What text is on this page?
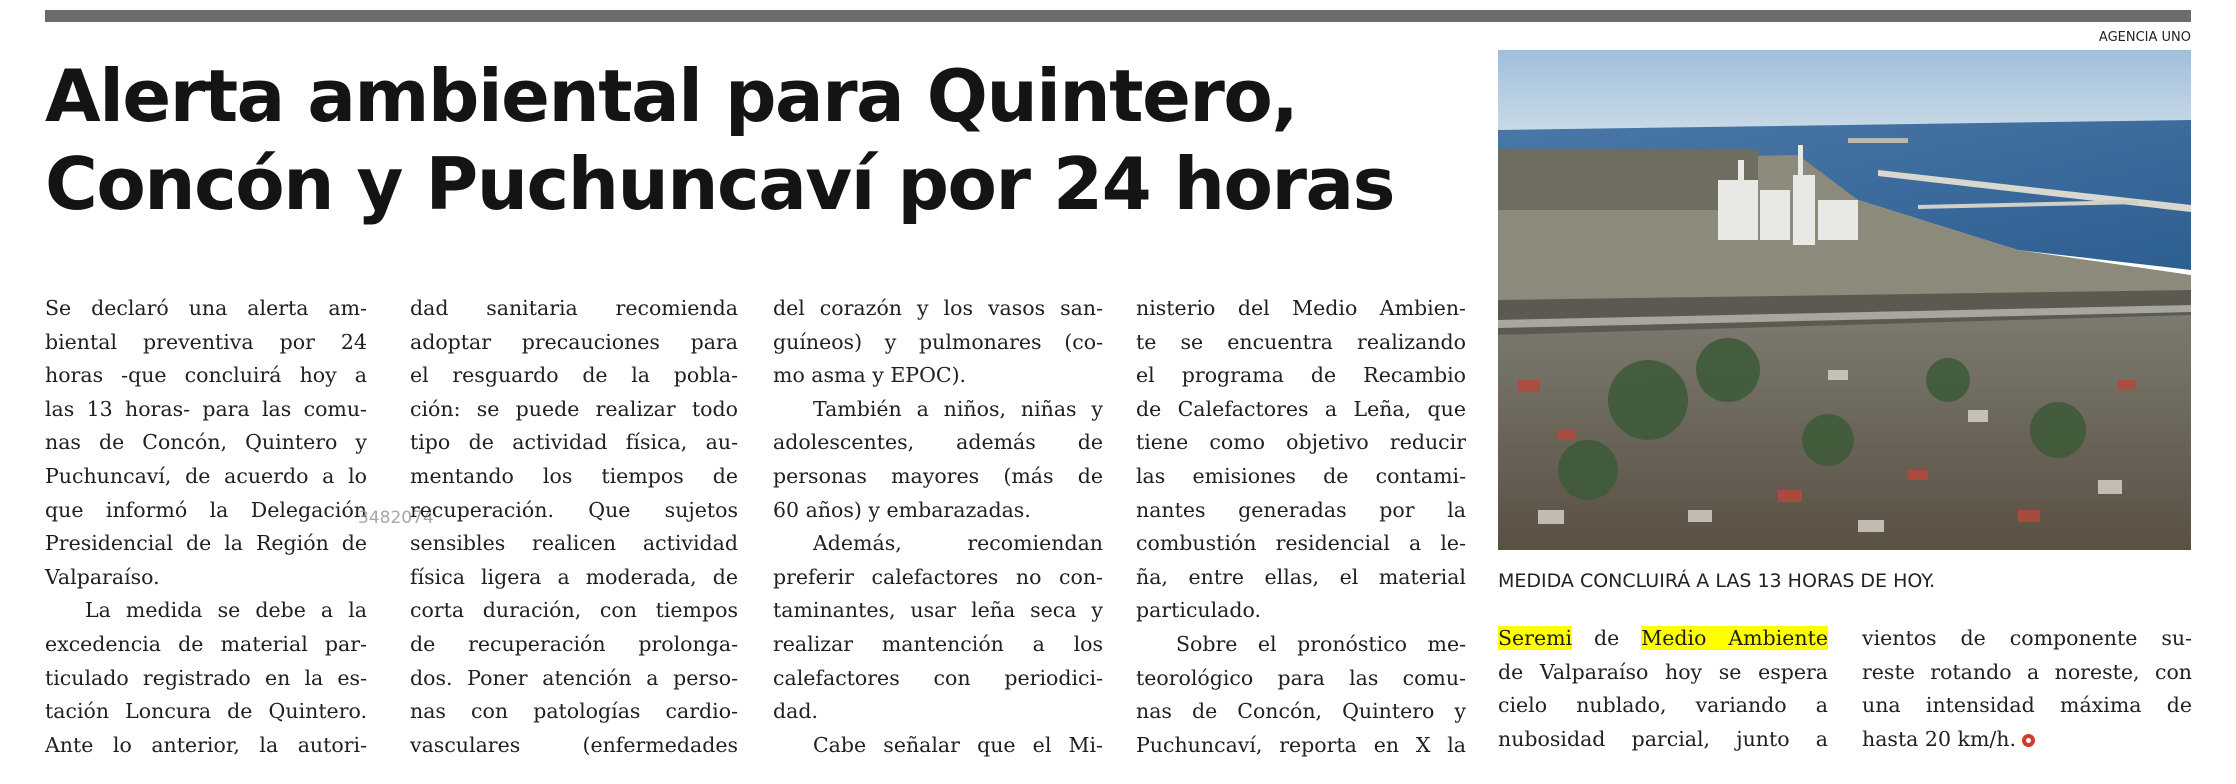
Alerta ambiental para Quintero,
Concón y Puchuncaví por 24 horas
AGENCIA UNO
MEDIDA CONCLUIRÁ A LAS 13 HORAS DE HOY.
Se declaró una alerta am-
biental preventiva por 24
horas -que concluirá hoy a
las 13 horas- para las comu-
nas de Concón, Quintero y
Puchuncaví, de acuerdo a lo
que informó la Delegación
Presidencial de la Región de
Valparaíso.
La medida se debe a la
excedencia de material par-
ticulado registrado en la es-
tación Loncura de Quintero.
Ante lo anterior, la autori-
3482074
dad sanitaria recomienda
adoptar precauciones para
el resguardo de la pobla-
ción: se puede realizar todo
tipo de actividad física, au-
mentando los tiempos de
recuperación. Que sujetos
sensibles realicen actividad
física ligera a moderada, de
corta duración, con tiempos
de recuperación prolonga-
dos. Poner atención a perso-
nas con patologías cardio-
vasculares (enfermedades
del corazón y los vasos san-
guíneos) y pulmonares (co-
mo asma y EPOC).
También a niños, niñas y
adolescentes, además de
personas mayores (más de
60 años) y embarazadas.
Además, recomiendan
preferir calefactores no con-
taminantes, usar leña seca y
realizar mantención a los
calefactores con periodici-
dad.
Cabe señalar que el Mi-
nisterio del Medio Ambien-
te se encuentra realizando
el programa de Recambio
de Calefactores a Leña, que
tiene como objetivo reducir
las emisiones de contami-
nantes generadas por la
combustión residencial a le-
ña, entre ellas, el material
particulado.
Sobre el pronóstico me-
teorológico para las comu-
nas de Concón, Quintero y
Puchuncaví, reporta en X la
Seremi de Medio Ambiente
de Valparaíso hoy se espera
cielo nublado, variando a
nubosidad parcial, junto a
vientos de componente su-
reste rotando a noreste, con
una intensidad máxima de
hasta 20 km/h.
